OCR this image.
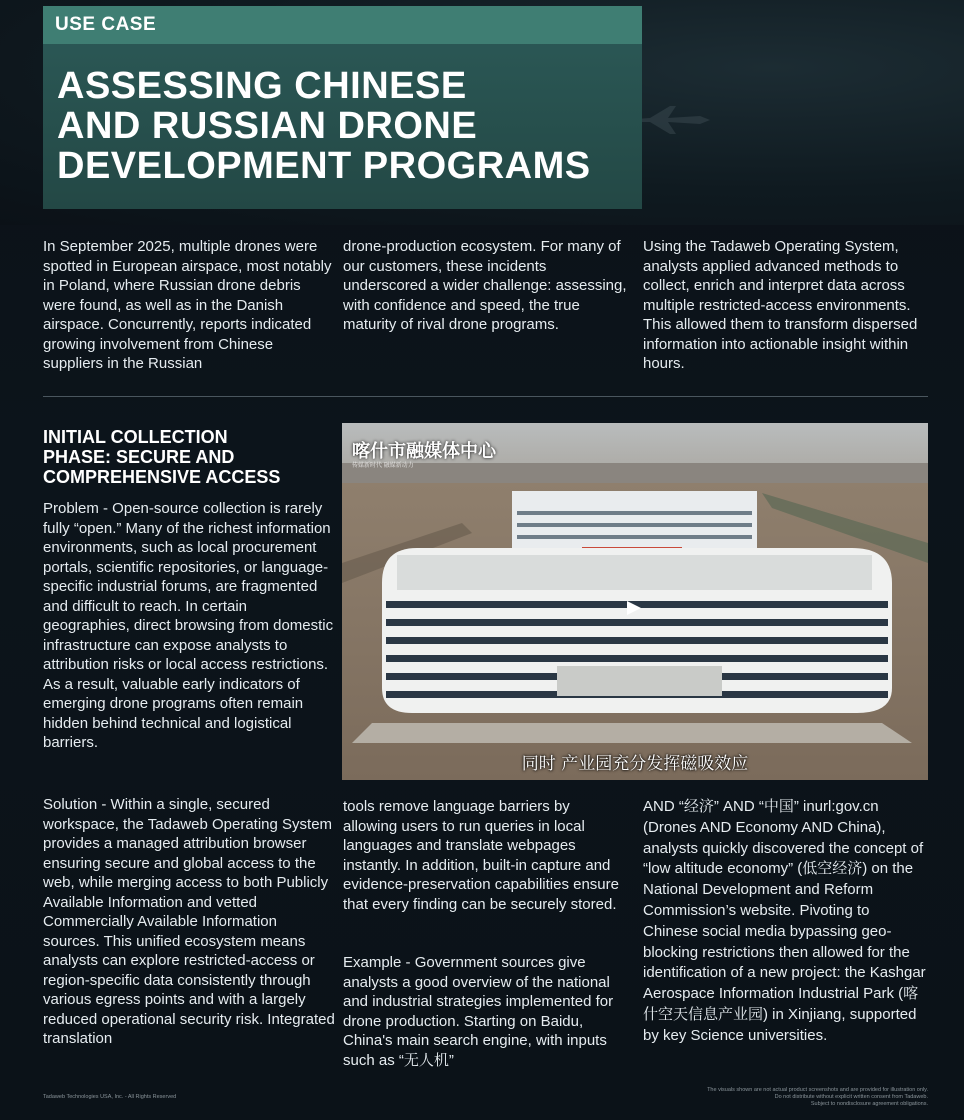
USE CASE
ASSESSING CHINESE
AND RUSSIAN DRONE
DEVELOPMENT PROGRAMS

In September 2025, multiple drones were spotted in European airspace, most notably in Poland, where Russian drone debris were found, as well as in the Danish airspace. Concurrently, reports indicated growing involvement from Chinese suppliers in the Russian

drone-production ecosystem. For many of our customers, these incidents underscored a wider challenge: assessing, with confidence and speed, the true maturity of rival drone programs.

Using the Tadaweb Operating System, analysts applied advanced methods to collect, enrich and interpret data across multiple restricted-access environments. This allowed them to transform dispersed information into actionable insight within hours.

INITIAL COLLECTION
PHASE: SECURE AND
COMPREHENSIVE ACCESS

Problem - Open-source collection is rarely fully “open.” Many of the richest information environments, such as local procurement portals, scientific repositories, or language-specific industrial forums, are fragmented and difficult to reach. In certain geographies, direct browsing from domestic infrastructure can expose analysts to attribution risks or local access restrictions. As a result, valuable early indicators of emerging drone programs often remain hidden behind technical and logistical barriers.

喀什市融媒体中心
传媒新时代 融媒新动力
同时 产业园充分发挥磁吸效应

Solution - Within a single, secured workspace, the Tadaweb Operating System provides a managed attribution browser ensuring secure and global access to the web, while merging access to both Publicly Available Information and vetted Commercially Available Information sources. This unified ecosystem means analysts can explore restricted-access or region-specific data consistently through various egress points and with a largely reduced operational security risk. Integrated translation

tools remove language barriers by allowing users to run queries in local languages and translate webpages instantly. In addition, built-in capture and evidence-preservation capabilities ensure that every finding can be securely stored.

Example - Government sources give analysts a good overview of the national and industrial strategies implemented for drone production. Starting on Baidu, China's main search engine, with inputs such as “无人机”

AND “经济” AND “中国” inurl:gov.cn (Drones AND Economy AND China), analysts quickly discovered the concept of “low altitude economy” (低空经济) on the National Development and Reform Commission’s website. Pivoting to Chinese social media bypassing geo-blocking restrictions then allowed for the identification of a new project: the Kashgar Aerospace Information Industrial Park (喀什空天信息产业园) in Xinjiang, supported by key Science universities.

Tadaweb Technologies USA, Inc. - All Rights Reserved
The visuals shown are not actual product screenshots and are provided for illustration only.
Do not distribute without explicit written consent from Tadaweb.
Subject to nondisclosure agreement obligations.
